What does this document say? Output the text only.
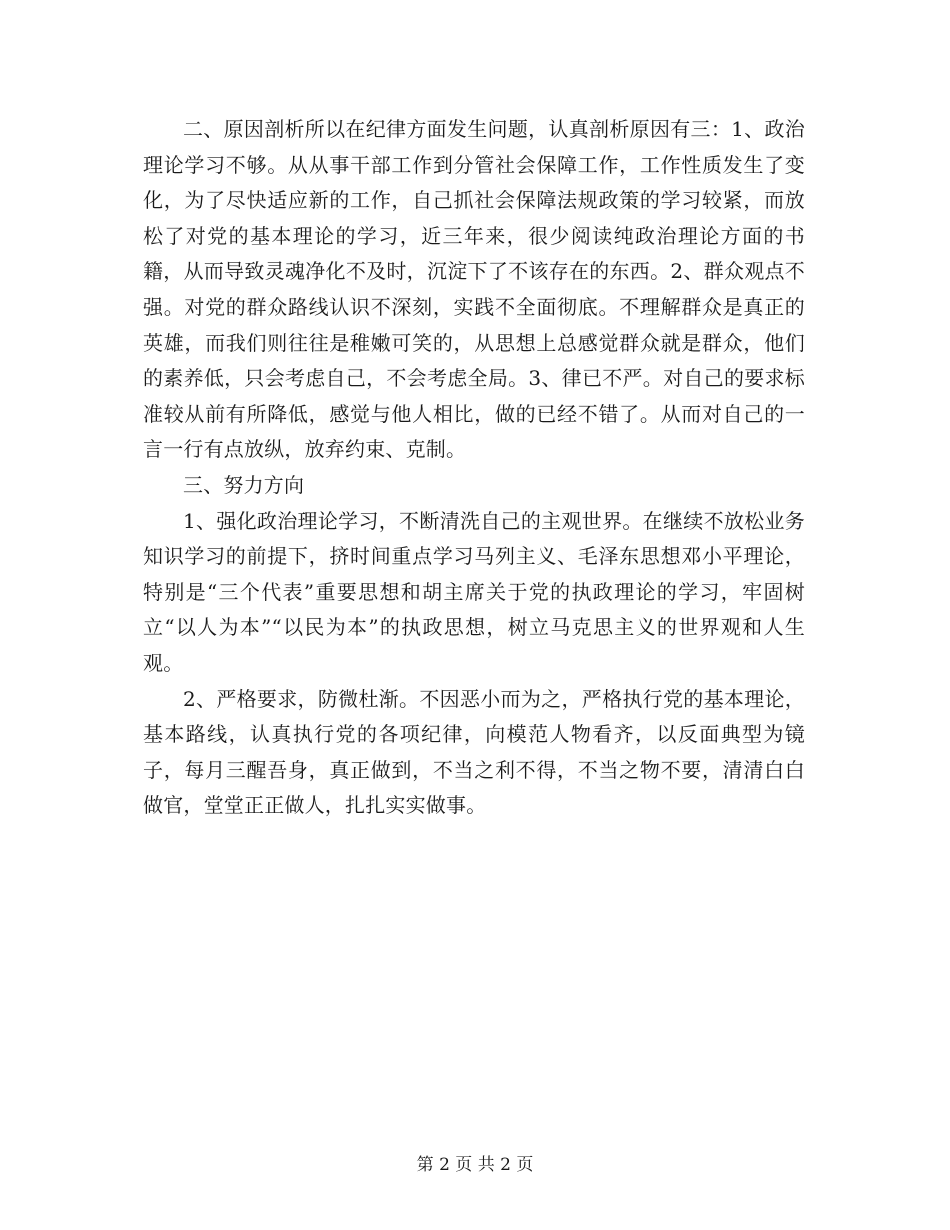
二、原因剖析所以在纪律方面发生问题，认真剖析原因有三：1、政治理论学习不够。从从事干部工作到分管社会保障工作，工作性质发生了变化，为了尽快适应新的工作，自己抓社会保障法规政策的学习较紧，而放松了对党的基本理论的学习，近三年来，很少阅读纯政治理论方面的书籍，从而导致灵魂净化不及时，沉淀下了不该存在的东西。2、群众观点不强。对党的群众路线认识不深刻，实践不全面彻底。不理解群众是真正的英雄，而我们则往往是稚嫩可笑的，从思想上总感觉群众就是群众，他们的素养低，只会考虑自己，不会考虑全局。3、律已不严。对自己的要求标准较从前有所降低，感觉与他人相比，做的已经不错了。从而对自己的一言一行有点放纵，放弃约束、克制。

三、努力方向

1、强化政治理论学习，不断清洗自己的主观世界。在继续不放松业务知识学习的前提下，挤时间重点学习马列主义、毛泽东思想邓小平理论，特别是“三个代表”重要思想和胡主席关于党的执政理论的学习，牢固树立“以人为本”“以民为本”的执政思想，树立马克思主义的世界观和人生观。

2、严格要求，防微杜渐。不因恶小而为之，严格执行党的基本理论，基本路线，认真执行党的各项纪律，向模范人物看齐，以反面典型为镜子，每月三醒吾身，真正做到，不当之利不得，不当之物不要，清清白白做官，堂堂正正做人，扎扎实实做事。

第 2 页 共 2 页
